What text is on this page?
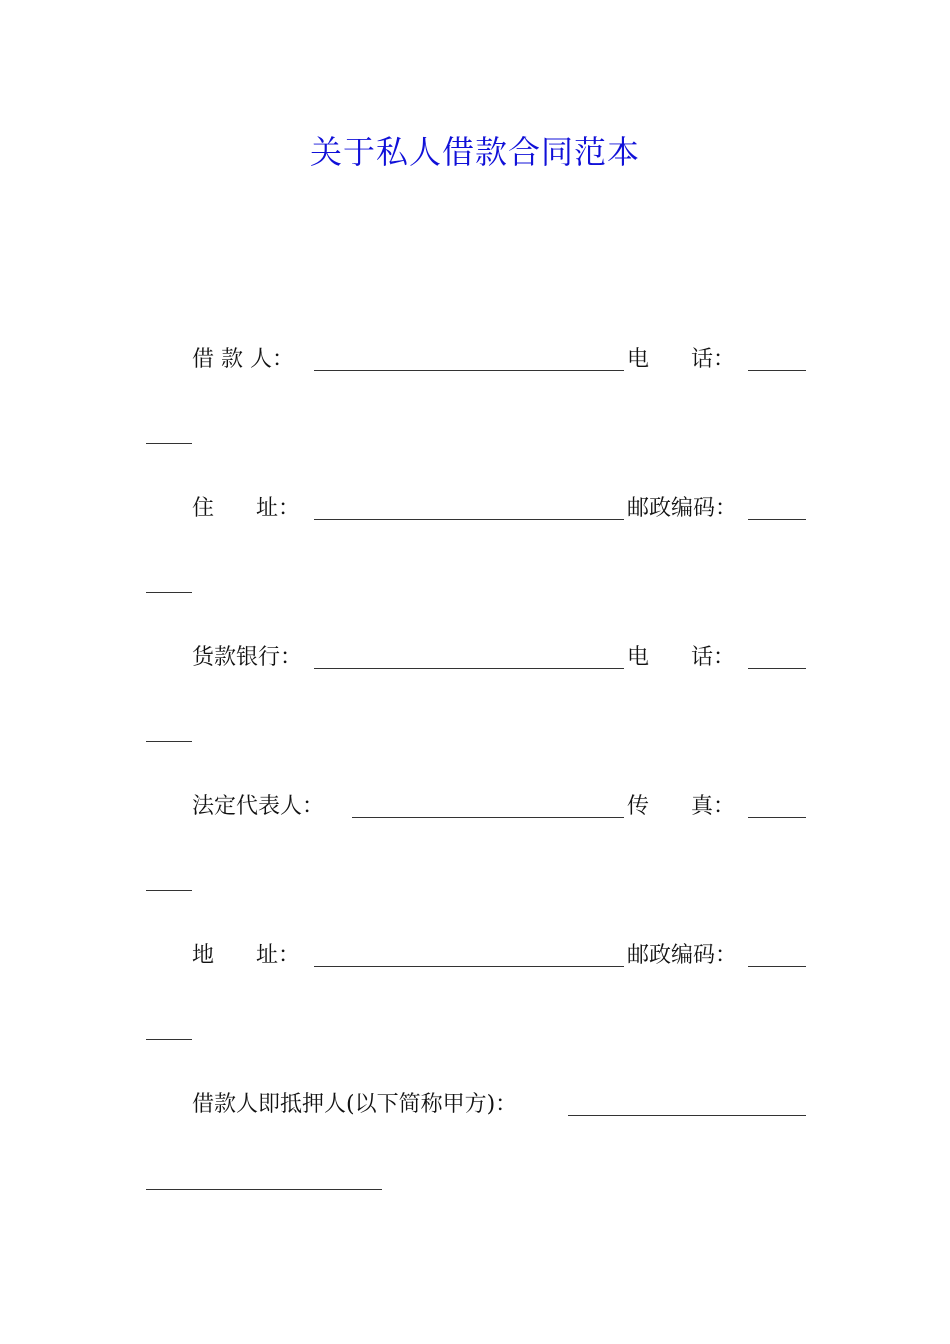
关于私人借款合同范本
借 款 人：	电      话：
住      址：	邮政编码：
货款银行：	电      话：
法定代表人：	传      真：
地      址：	邮政编码：
借款人即抵押人(以下简称甲方)：
